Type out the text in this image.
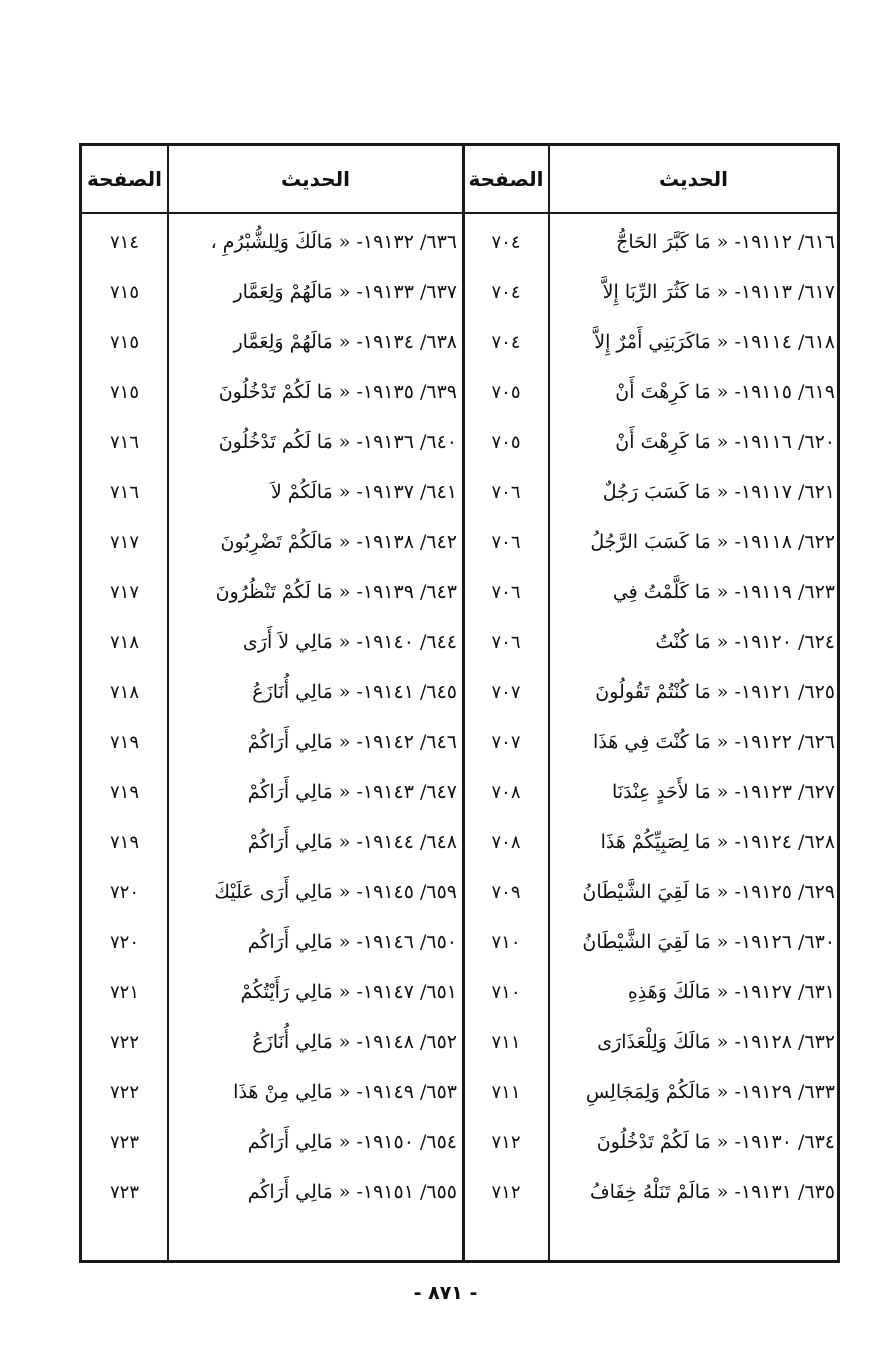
الحديث
الصفحة
الحديث
الصفحة
٦١٦/ ١٩١١٢- « مَا كَبَّرَ الحَاجُّ
٧٠٤
٦٣٦/ ١٩١٣٢- « مَالَكَ وَلِلشُّبْرُمِ ،
٧١٤
٦١٧/ ١٩١١٣- « مَا كَثُرَ الرِّبَا إِلاَّ
٧٠٤
٦٣٧/ ١٩١٣٣- « مَالَهُمْ وَلِعَمَّار
٧١٥
٦١٨/ ١٩١١٤- « مَاكَرَبَنِي أَمْرٌ إِلاَّ
٧٠٤
٦٣٨/ ١٩١٣٤- « مَالَهُمْ وَلِعَمَّار
٧١٥
٦١٩/ ١٩١١٥- « مَا كَرِهْتَ أَنْ
٧٠٥
٦٣٩/ ١٩١٣٥- « مَا لَكُمْ تَدْخُلُونَ
٧١٥
٦٢٠/ ١٩١١٦- « مَا كَرِهْتَ أَنْ
٧٠٥
٦٤٠/ ١٩١٣٦- « مَا لَكُم تَدْخُلُونَ
٧١٦
٦٢١/ ١٩١١٧- « مَا كَسَبَ رَجُلٌ
٧٠٦
٦٤١/ ١٩١٣٧- « مَالَكُمْ لاَ
٧١٦
٦٢٢/ ١٩١١٨- « مَا كَسَبَ الرَّجُلُ
٧٠٦
٦٤٢/ ١٩١٣٨- « مَالَكُمْ تَضْرِبُونَ
٧١٧
٦٢٣/ ١٩١١٩- « مَا كَلَّمْتُ فِي
٧٠٦
٦٤٣/ ١٩١٣٩- « مَا لَكُمْ تَنْظُرُونَ
٧١٧
٦٢٤/ ١٩١٢٠- « مَا كُنْتُ
٧٠٦
٦٤٤/ ١٩١٤٠- « مَالِي لاَ أَرَى
٧١٨
٦٢٥/ ١٩١٢١- « مَا كُنْتُمْ تَقُولُونَ
٧٠٧
٦٤٥/ ١٩١٤١- « مَالِي أُنَازَعُ
٧١٨
٦٢٦/ ١٩١٢٢- « مَا كُنْتَ فِي هَذَا
٧٠٧
٦٤٦/ ١٩١٤٢- « مَالِي أَرَاكُمْ
٧١٩
٦٢٧/ ١٩١٢٣- « مَا لأَحَدٍ عِنْدَنَا
٧٠٨
٦٤٧/ ١٩١٤٣- « مَالِي أَرَاكُمْ
٧١٩
٦٢٨/ ١٩١٢٤- « مَا لِصَبِيِّكُمْ هَذَا
٧٠٨
٦٤٨/ ١٩١٤٤- « مَالِي أَرَاكُمْ
٧١٩
٦٢٩/ ١٩١٢٥- « مَا لَقِيَ الشَّيْطَانُ
٧٠٩
٦٥٩/ ١٩١٤٥- « مَالِي أَرَى عَلَيْكَ
٧٢٠
٦٣٠/ ١٩١٢٦- « مَا لَقِيَ الشَّيْطَانُ
٧١٠
٦٥٠/ ١٩١٤٦- « مَالِي أَرَاكُم
٧٢٠
٦٣١/ ١٩١٢٧- « مَالَكَ وَهَذِهِ
٧١٠
٦٥١/ ١٩١٤٧- « مَالِي رَأَيْتُكُمْ
٧٢١
٦٣٢/ ١٩١٢٨- « مَالَكَ وَلِلْعَذَارَى
٧١١
٦٥٢/ ١٩١٤٨- « مَالِي أُنَازَعُ
٧٢٢
٦٣٣/ ١٩١٢٩- « مَالَكُمْ وَلِمَجَالِسِ
٧١١
٦٥٣/ ١٩١٤٩- « مَالِي مِنْ هَذَا
٧٢٢
٦٣٤/ ١٩١٣٠- « مَا لَكُمْ تَدْخُلُونَ
٧١٢
٦٥٤/ ١٩١٥٠- « مَالِي أَرَاكُم
٧٢٣
٦٣٥/ ١٩١٣١- « مَالَمْ تَنَلْهُ خِفَافُ
٧١٢
٦٥٥/ ١٩١٥١- « مَالِي أَرَاكُم
٧٢٣
- ٨٧١ -
